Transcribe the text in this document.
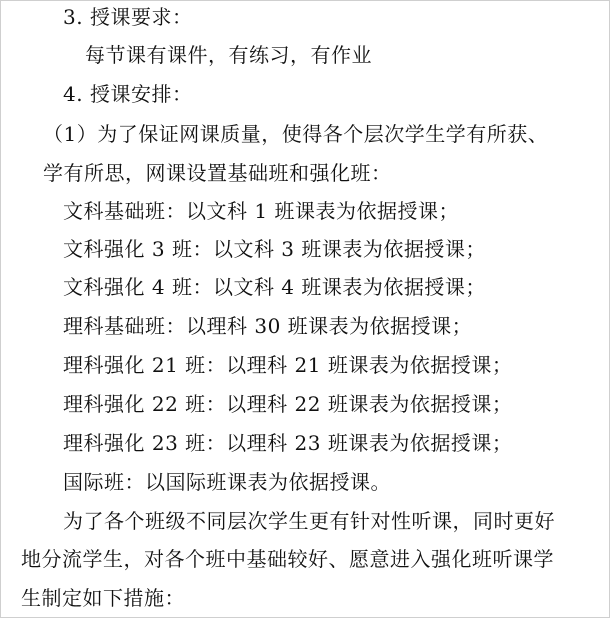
3. 授课要求：
每节课有课件，有练习，有作业
4. 授课安排：
（1）为了保证网课质量，使得各个层次学生学有所获、
学有所思，网课设置基础班和强化班：
文科基础班：以文科 1 班课表为依据授课；
文科强化 3 班：以文科 3 班课表为依据授课；
文科强化 4 班：以文科 4 班课表为依据授课；
理科基础班：以理科 30 班课表为依据授课；
理科强化 21 班：以理科 21 班课表为依据授课；
理科强化 22 班：以理科 22 班课表为依据授课；
理科强化 23 班：以理科 23 班课表为依据授课；
国际班：以国际班课表为依据授课。
为了各个班级不同层次学生更有针对性听课，同时更好
地分流学生，对各个班中基础较好、愿意进入强化班听课学
生制定如下措施：
